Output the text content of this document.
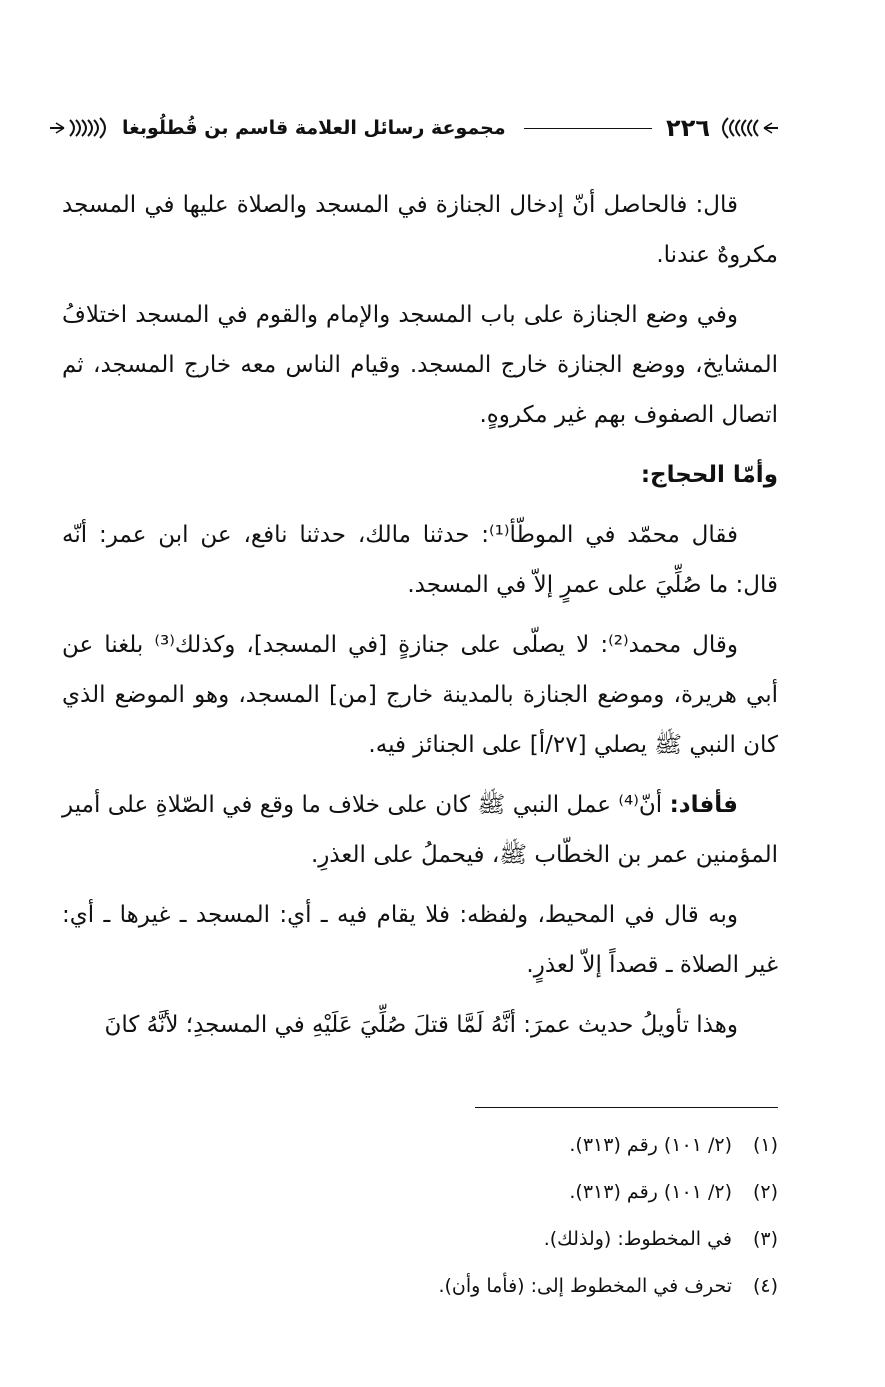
مجموعة رسائل العلامة قاسم بن قُطلُوبغا	٢٢٦

قال: فالحاصل أنّ إدخال الجنازة في المسجد والصلاة عليها في المسجد مكروهٌ عندنا.

وفي وضع الجنازة على باب المسجد والإمام والقوم في المسجد اختلافُ المشايخ، ووضع الجنازة خارج المسجد. وقيام الناس معه خارج المسجد، ثم اتصال الصفوف بهم غير مكروهٍ.

وأمّا الحجاج:

فقال محمّد في الموطّأ⁽¹⁾: حدثنا مالك، حدثنا نافع، عن ابن عمر: أنّه قال: ما صُلِّيَ على عمرٍ إلاّ في المسجد.

وقال محمد⁽²⁾: لا يصلّى على جنازةٍ [في المسجد]، وكذلك⁽³⁾ بلغنا عن أبي هريرة، وموضع الجنازة بالمدينة خارج [من] المسجد، وهو الموضع الذي كان النبي ﷺ يصلي [٢٧/أ] على الجنائز فيه.

فأفاد: أنّ⁽⁴⁾ عمل النبي ﷺ كان على خلاف ما وقع في الصّلاةِ على أمير المؤمنين عمر بن الخطّاب ﷺ، فيحملُ على العذرِ.

وبه قال في المحيط، ولفظه: فلا يقام فيه ـ أي: المسجد ـ غيرها ـ أي: غير الصلاة ـ قصداً إلاّ لعذرٍ.

وهذا تأويلُ حديث عمرَ: أنَّهُ لَمَّا قتلَ صُلِّيَ عَلَيْهِ في المسجدِ؛ لأنَّهُ كانَ

(١)
(٢/ ١٠١) رقم (٣١٣).
(٢)
(٢/ ١٠١) رقم (٣١٣).
(٣)
في المخطوط: (ولذلك).
(٤)
تحرف في المخطوط إلى: (فأما وأن).
